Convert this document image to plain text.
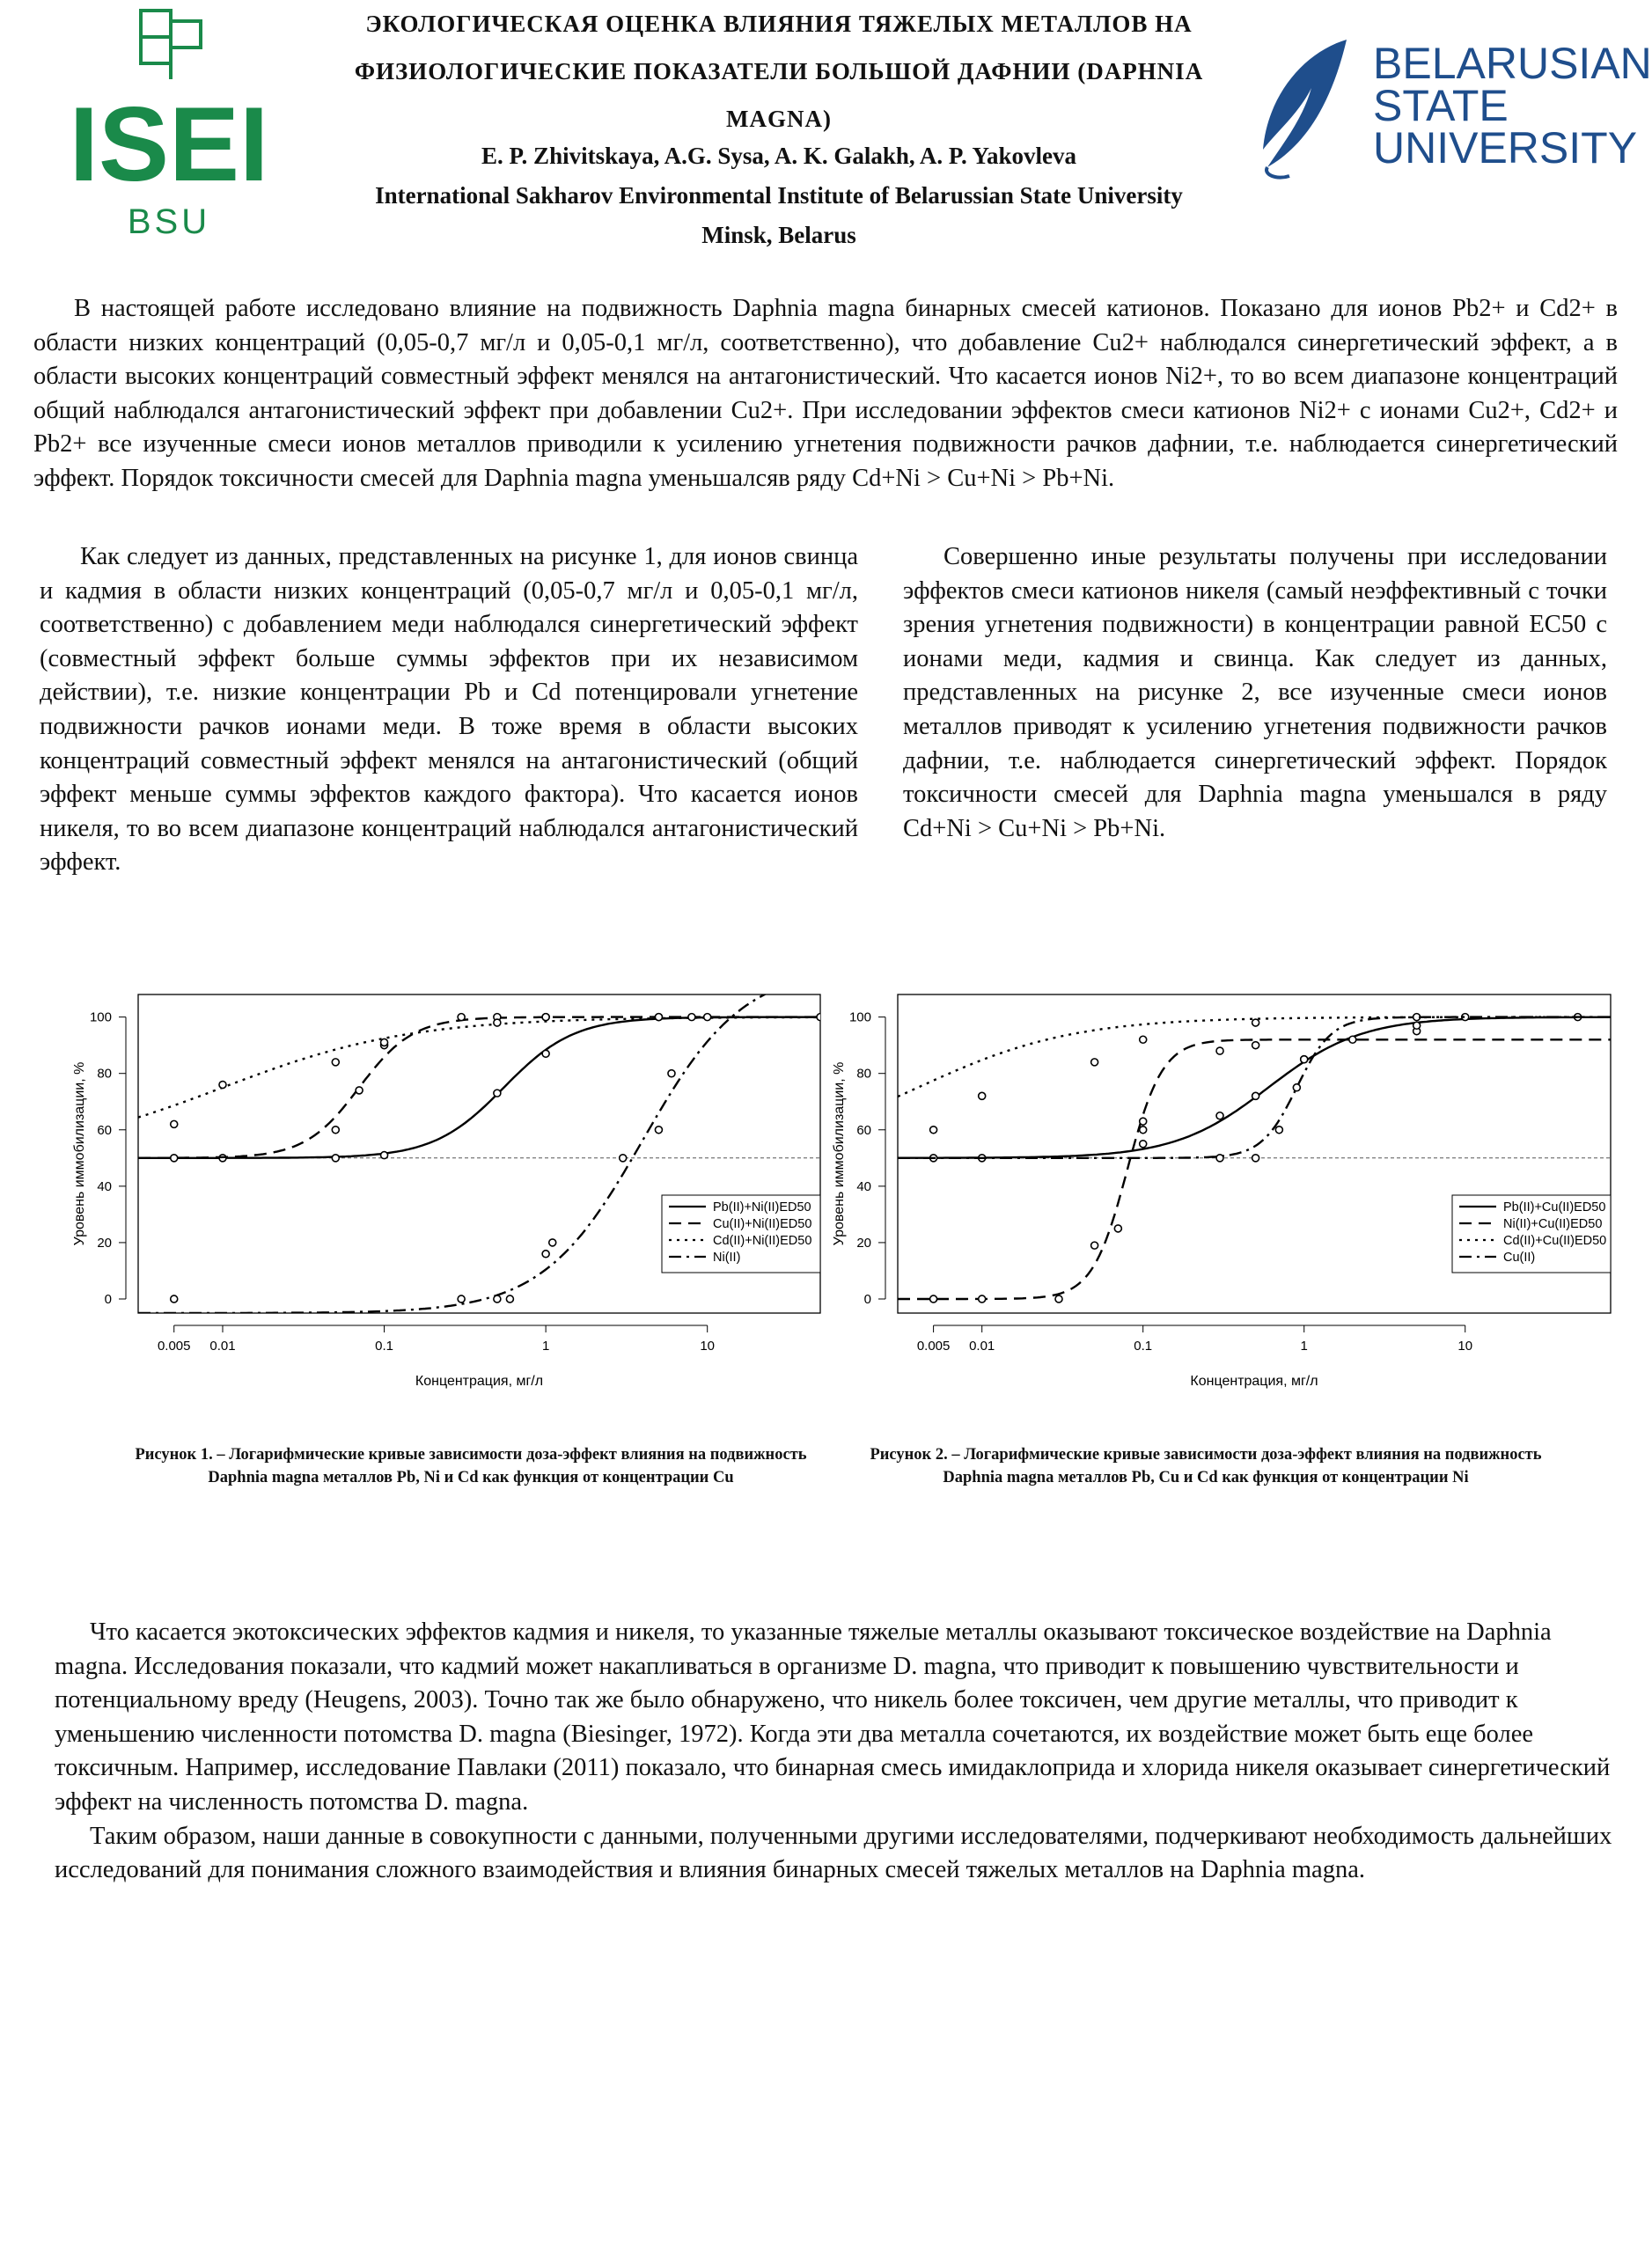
ЭКОЛОГИЧЕСКАЯ ОЦЕНКА ВЛИЯНИЯ ТЯЖЕЛЫХ МЕТАЛЛОВ НА
ФИЗИОЛОГИЧЕСКИЕ ПОКАЗАТЕЛИ БОЛЬШОЙ ДАФНИИ (DAPHNIA
MAGNA)
E. P. Zhivitskaya, A.G. Sysa, A. K. Galakh, A. P. Yakovleva
International Sakharov Environmental Institute of Belarussian State University
Minsk, Belarus
ISEI
BSU
BELARUSIAN
STATE
UNIVERSITY
В настоящей работе исследовано влияние на подвижность Daphnia magna бинарных смесей катионов. Показано для ионов Pb2+ и Cd2+ в области низких концентраций (0,05-0,7 мг/л и 0,05-0,1 мг/л, соответственно), что добавление Cu2+ наблюдался синергетический эффект, а в области высоких концентраций совместный эффект менялся на антагонистический. Что касается ионов Ni2+, то во всем диапазоне концентраций общий наблюдался антагонистический эффект при добавлении Cu2+. При исследовании эффектов смеси катионов Ni2+ с ионами Cu2+, Cd2+ и Pb2+ все изученные смеси ионов металлов приводили к усилению угнетения подвижности рачков дафнии, т.е. наблюдается синергетический эффект. Порядок токсичности смесей для Daphnia magna уменьшалсяв ряду Cd+Ni > Cu+Ni > Pb+Ni.
Как следует из данных, представленных на рисунке 1, для ионов свинца и кадмия в области низких концентраций (0,05-0,7 мг/л и 0,05-0,1 мг/л, соответственно) с добавлением меди наблюдался синергетический эффект (совместный эффект больше суммы эффектов при их независимом действии), т.е. низкие концентрации Pb и Cd потенцировали угнетение подвижности рачков ионами меди. В тоже время в области высоких концентраций совместный эффект менялся на антагонистический (общий эффект меньше суммы эффектов каждого фактора). Что касается ионов никеля, то во всем диапазоне концентраций наблюдался антагонистический эффект.
Совершенно иные результаты получены при исследовании эффектов смеси катионов никеля (самый неэффективный с точки зрения угнетения подвижности) в концентрации равной ЕС50 с ионами меди, кадмия и свинца. Как следует из данных, представленных на рисунке 2, все изученные смеси ионов металлов приводят к усилению угнетения подвижности рачков дафнии, т.е. наблюдается синергетический эффект. Порядок токсичности смесей для Daphnia magna уменьшался в ряду Cd+Ni > Cu+Ni > Pb+Ni.
0
20
40
60
80
100
0.005 0.01	0.1	1	10
Концентрация, мг/л
Уровень иммобилизации, %	Pb(II)+Ni(II)ED50
Cu(II)+Ni(II)ED50
Cd(II)+Ni(II)ED50
Ni(II)
0
20
40
60
80
100
0.005 0.01	0.1	1	10
Концентрация, мг/л
Уровень иммобилизации, %	Pb(II)+Cu(II)ED50
Ni(II)+Cu(II)ED50
Cd(II)+Cu(II)ED50
Cu(II)
Рисунок 1. – Логарифмические кривые зависимости доза-эффект влияния на подвижность Daphnia magna металлов Pb, Ni и Cd как функция от концентрации Cu
Рисунок 2. – Логарифмические кривые зависимости доза-эффект влияния на подвижность Daphnia magna металлов Pb, Cu и Cd как функция от концентрации Ni
Что касается экотоксических эффектов кадмия и никеля, то указанные тяжелые металлы оказывают токсическое воздействие на Daphnia magna. Исследования показали, что кадмий может накапливаться в организме D. magna, что приводит к повышению чувствительности и потенциальному вреду (Heugens, 2003). Точно так же было обнаружено, что никель более токсичен, чем другие металлы, что приводит к уменьшению численности потомства D. magna (Biesinger, 1972). Когда эти два металла сочетаются, их воздействие может быть еще более токсичным. Например, исследование Павлаки (2011) показало, что бинарная смесь имидаклоприда и хлорида никеля оказывает синергетический эффект на численность потомства D. magna.
Таким образом, наши данные в совокупности с данными, полученными другими исследователями, подчеркивают необходимость дальнейших исследований для понимания сложного взаимодействия и влияния бинарных смесей тяжелых металлов на Daphnia magna.
